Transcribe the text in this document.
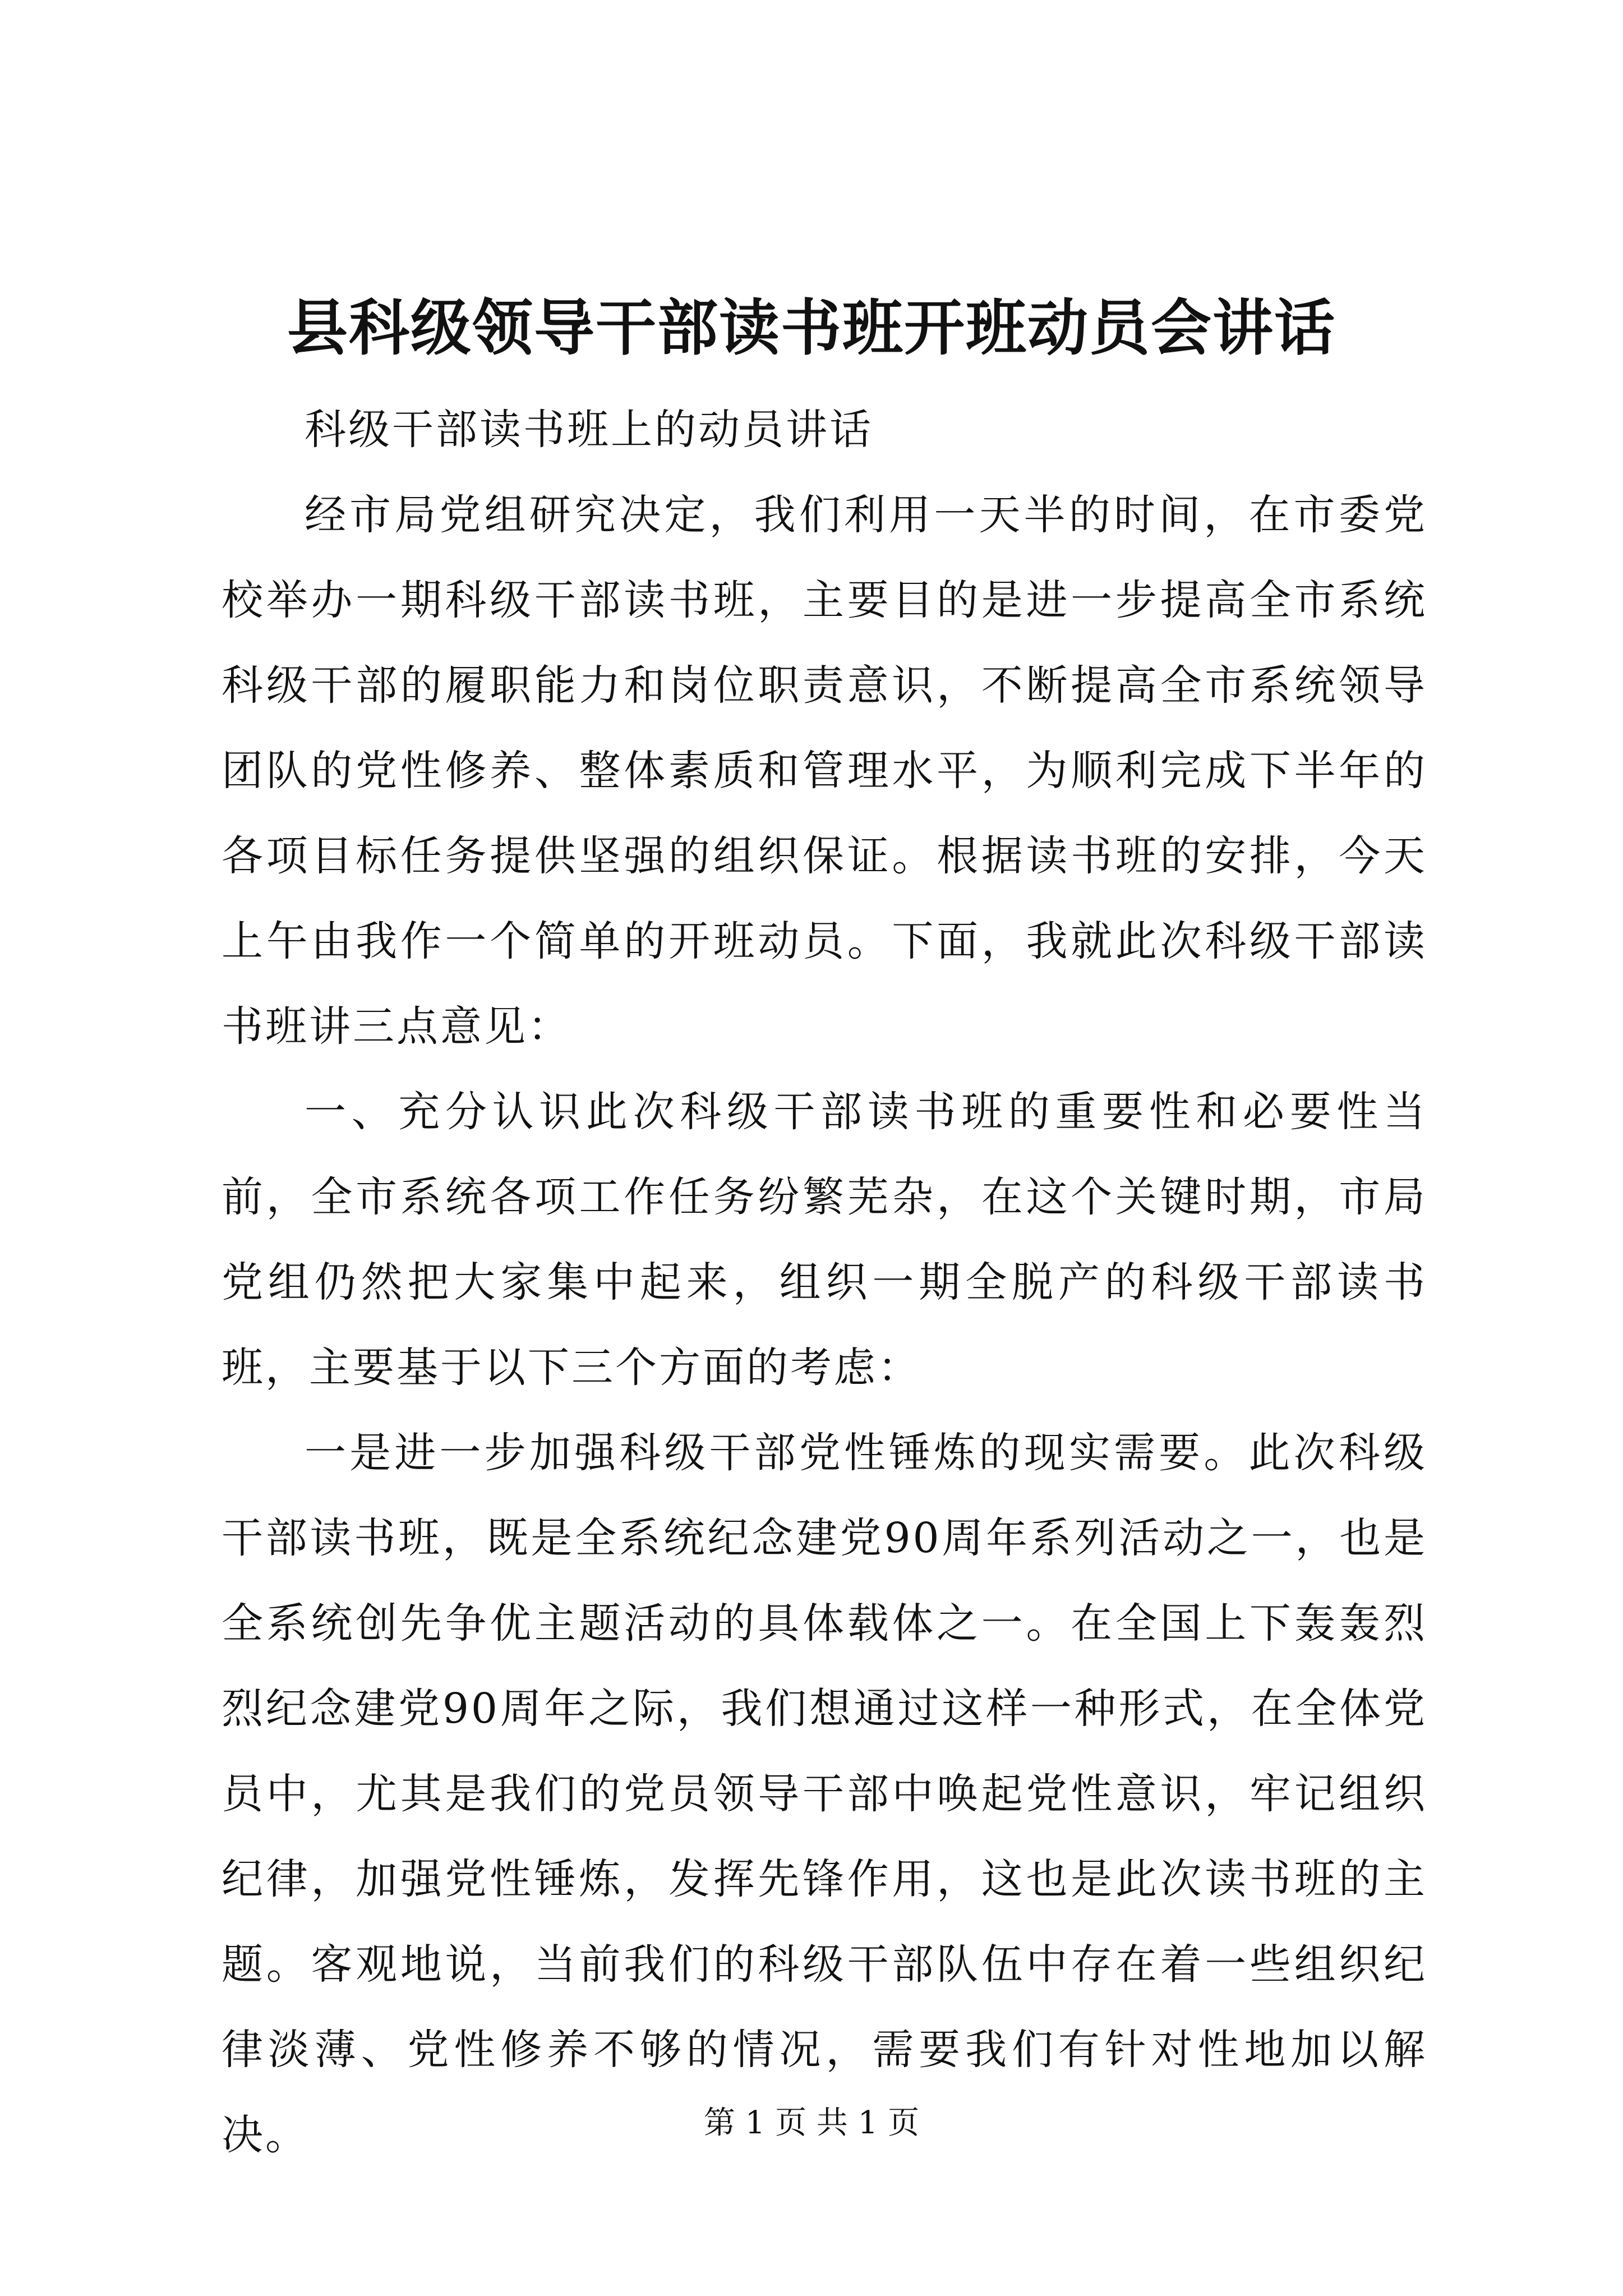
县科级领导干部读书班开班动员会讲话

科级干部读书班上的动员讲话

经市局党组研究决定，我们利用一天半的时间，在市委党校举办一期科级干部读书班，主要目的是进一步提高全市系统科级干部的履职能力和岗位职责意识，不断提高全市系统领导团队的党性修养、整体素质和管理水平，为顺利完成下半年的各项目标任务提供坚强的组织保证。根据读书班的安排，今天上午由我作一个简单的开班动员。下面，我就此次科级干部读书班讲三点意见：

一、充分认识此次科级干部读书班的重要性和必要性当前，全市系统各项工作任务纷繁芜杂，在这个关键时期，市局党组仍然把大家集中起来，组织一期全脱产的科级干部读书班，主要基于以下三个方面的考虑：

一是进一步加强科级干部党性锤炼的现实需要。此次科级干部读书班，既是全系统纪念建党90周年系列活动之一，也是全系统创先争优主题活动的具体载体之一。在全国上下轰轰烈烈纪念建党90周年之际，我们想通过这样一种形式，在全体党员中，尤其是我们的党员领导干部中唤起党性意识，牢记组织纪律，加强党性锤炼，发挥先锋作用，这也是此次读书班的主题。客观地说，当前我们的科级干部队伍中存在着一些组织纪律淡薄、党性修养不够的情况，需要我们有针对性地加以解决。	第 1 页 共 1 页
